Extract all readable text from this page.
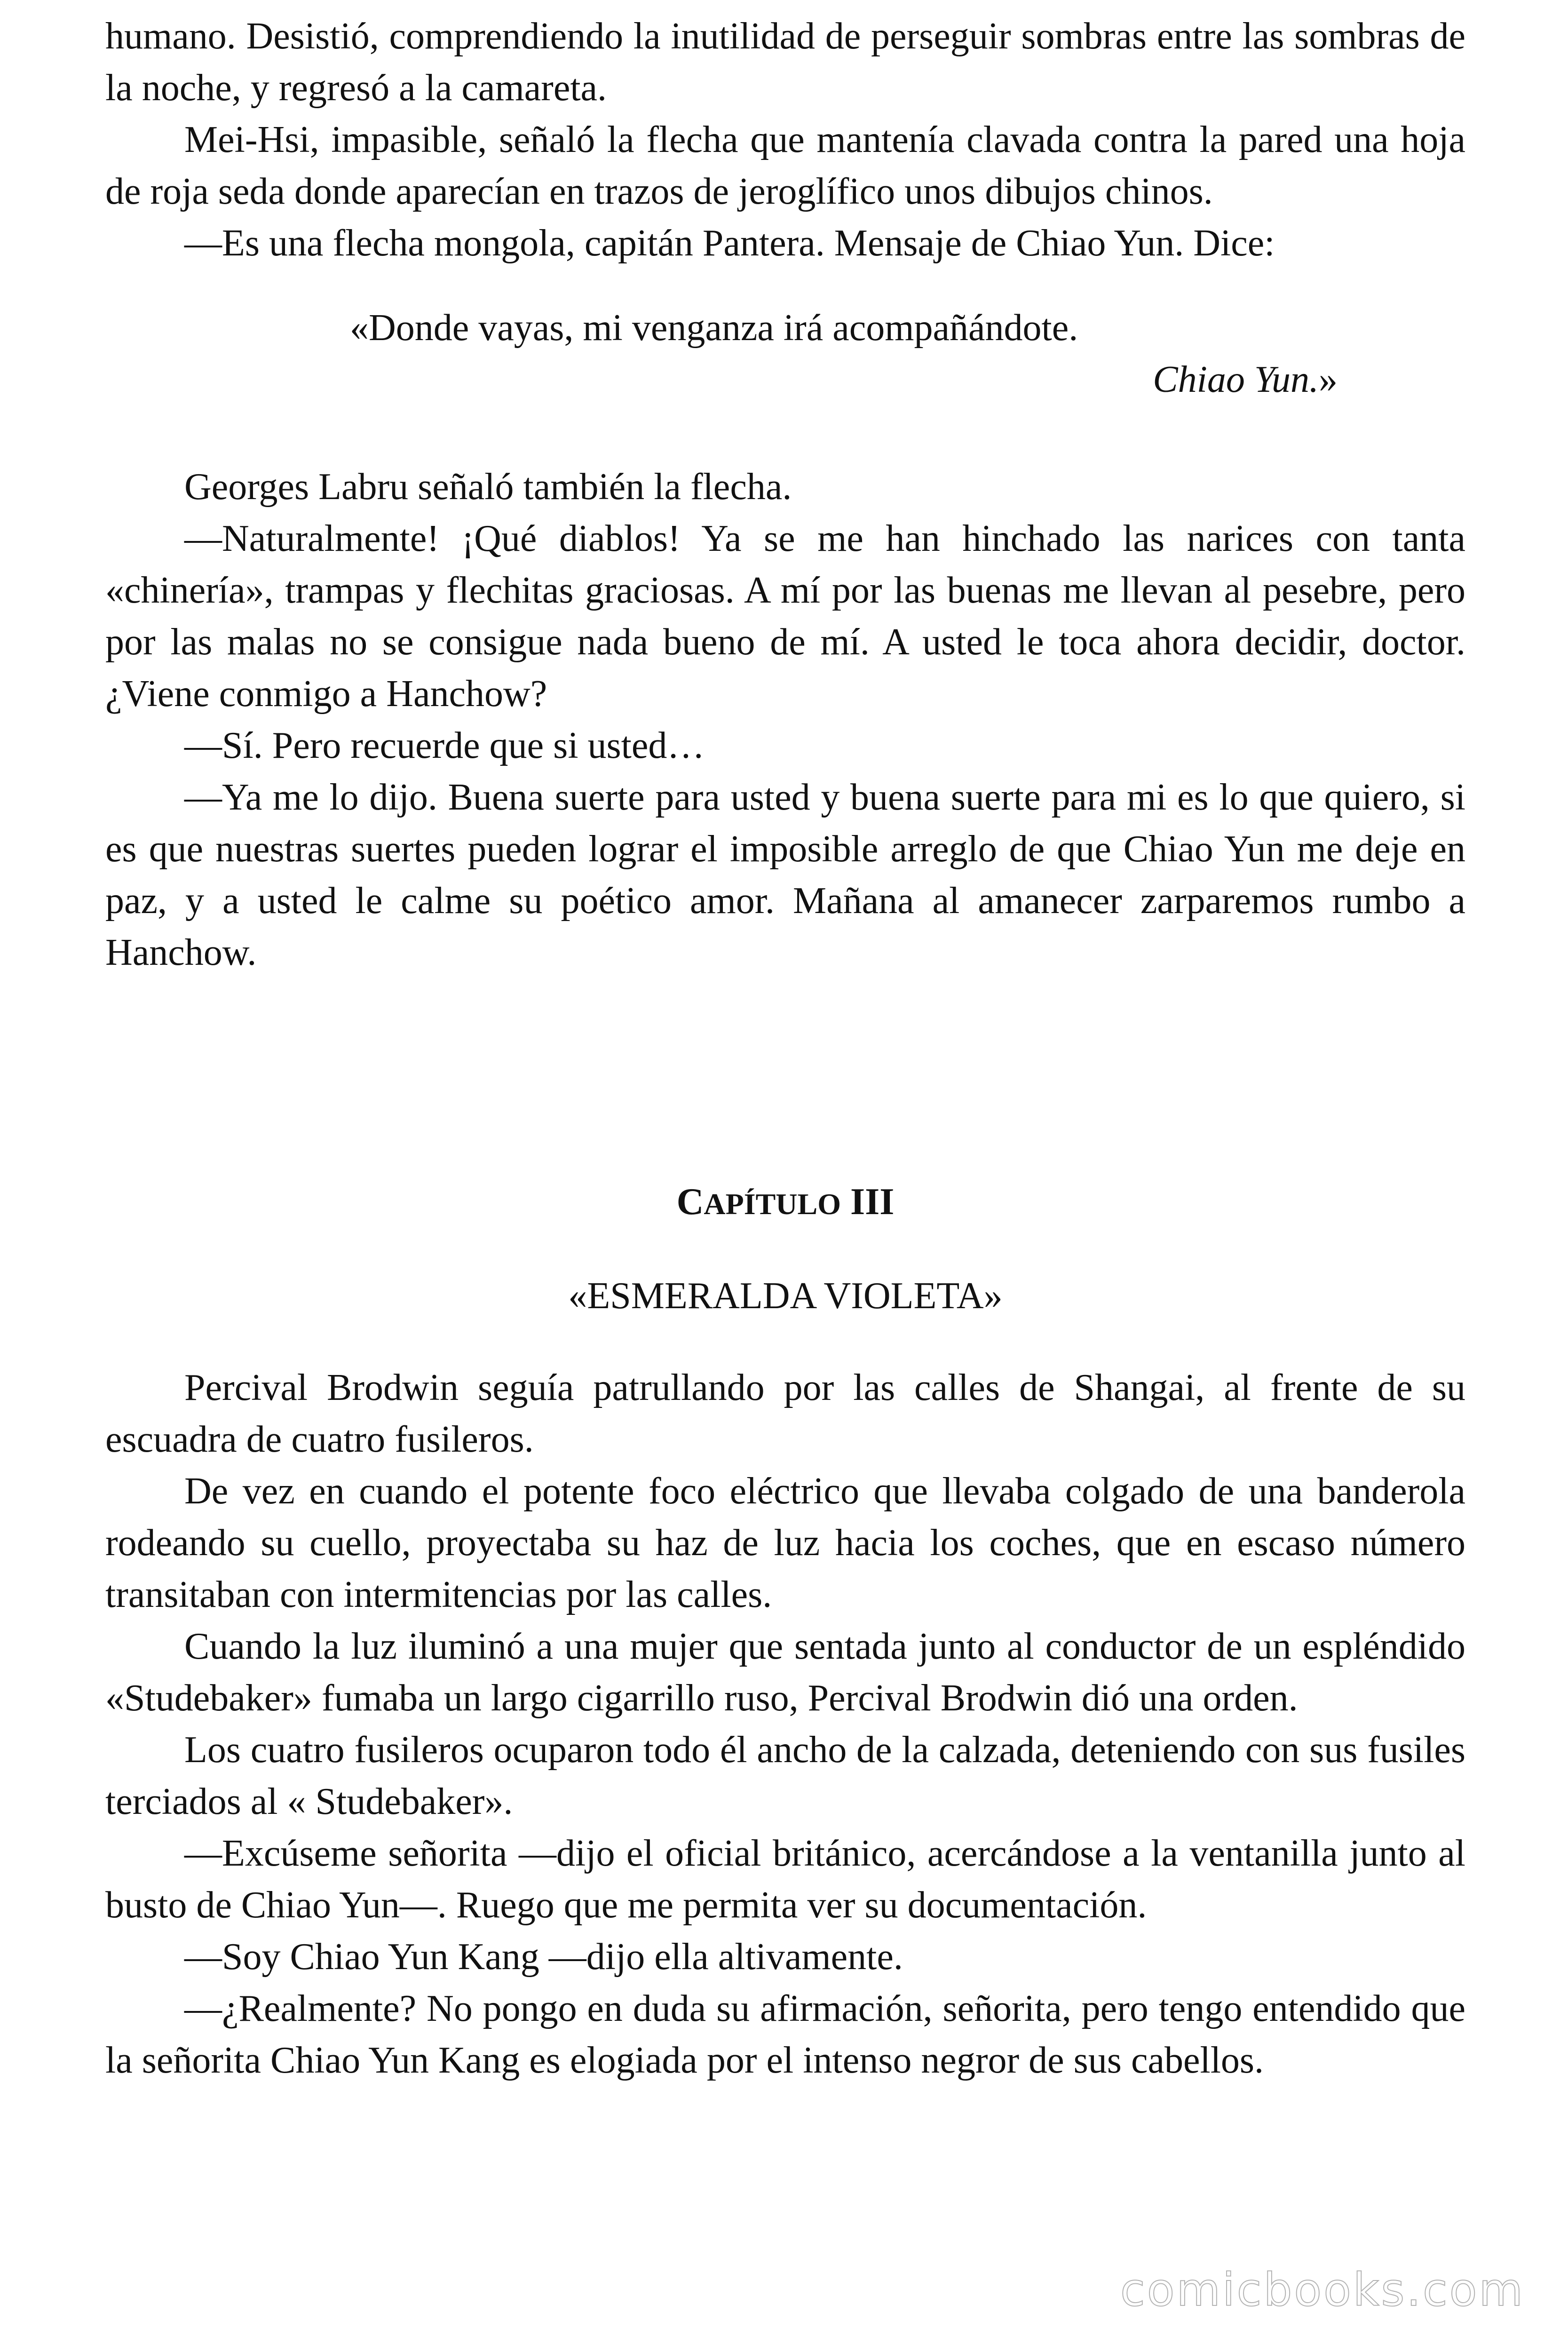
humano. Desistió, comprendiendo la inutilidad de perseguir sombras entre las sombras de la noche, y regresó a la camareta.

Mei-Hsi, impasible, señaló la flecha que mantenía clavada contra la pared una hoja de roja seda donde aparecían en trazos de jeroglífico unos dibujos chinos.

—Es una flecha mongola, capitán Pantera. Mensaje de Chiao Yun. Dice:

«Donde vayas, mi venganza irá acompañándote.

Chiao Yun.»

Georges Labru señaló también la flecha.

—Naturalmente! ¡Qué diablos! Ya se me han hinchado las narices con tanta «chinería», trampas y flechitas graciosas. A mí por las buenas me llevan al pesebre, pero por las malas no se consigue nada bueno de mí. A usted le toca ahora decidir, doctor. ¿Viene conmigo a Hanchow?

—Sí. Pero recuerde que si usted…

—Ya me lo dijo. Buena suerte para usted y buena suerte para mi es lo que quiero, si es que nuestras suertes pueden lograr el imposible arreglo de que Chiao Yun me deje en paz, y a usted le calme su poético amor. Mañana al amanecer zarparemos rumbo a Hanchow.

CAPÍTULO III
«ESMERALDA VIOLETA»

Percival Brodwin seguía patrullando por las calles de Shangai, al frente de su escuadra de cuatro fusileros.

De vez en cuando el potente foco eléctrico que llevaba colgado de una banderola rodeando su cuello, proyectaba su haz de luz hacia los coches, que en escaso número transitaban con intermitencias por las calles.

Cuando la luz iluminó a una mujer que sentada junto al conductor de un espléndido «Studebaker» fumaba un largo cigarrillo ruso, Percival Brodwin dió una orden.

Los cuatro fusileros ocuparon todo él ancho de la calzada, deteniendo con sus fusiles terciados al « Studebaker».

—Excúseme señorita —dijo el oficial británico, acercándose a la ventanilla junto al busto de Chiao Yun—. Ruego que me permita ver su documentación.

—Soy Chiao Yun Kang —dijo ella altivamente.

—¿Realmente? No pongo en duda su afirmación, señorita, pero tengo entendido que la señorita Chiao Yun Kang es elogiada por el intenso negror de sus cabellos.

comicbooks.com
